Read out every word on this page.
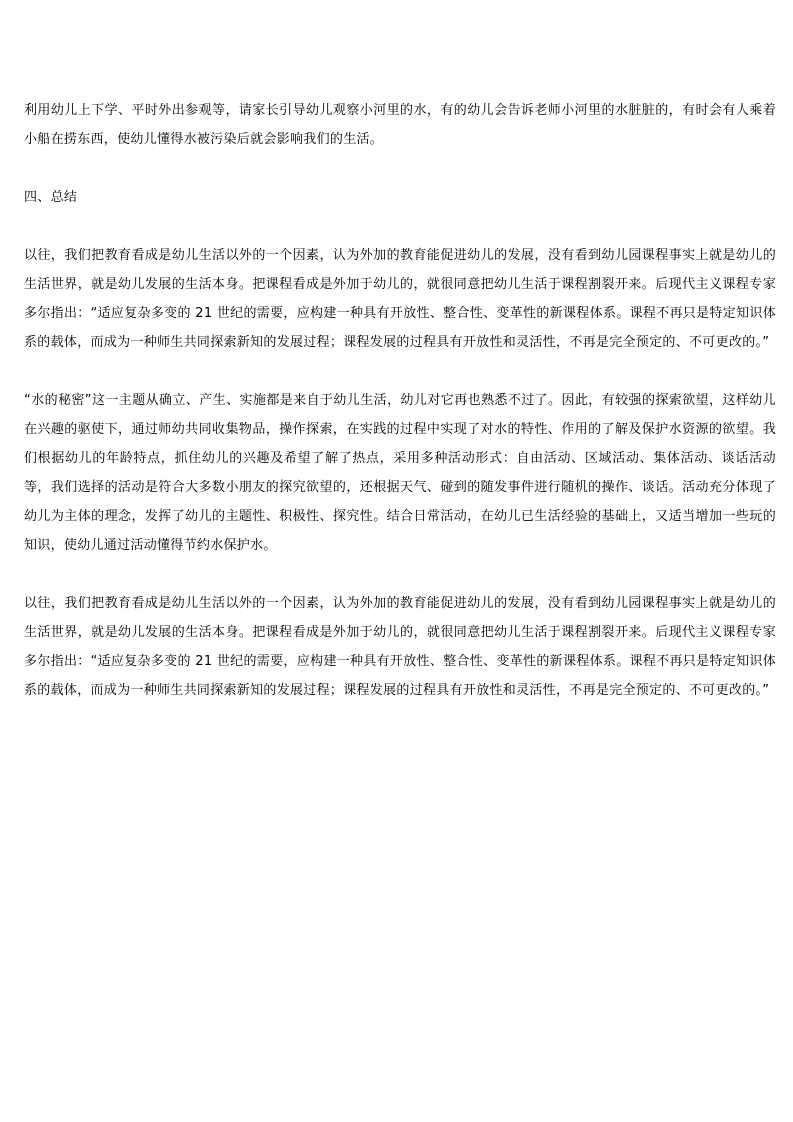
利用幼儿上下学、平时外出参观等，请家长引导幼儿观察小河里的水，有的幼儿会告诉老师小河里的水脏脏的，有时会有人乘着小船在捞东西，使幼儿懂得水被污染后就会影响我们的生活。

四、总结

以往，我们把教育看成是幼儿生活以外的一个因素，认为外加的教育能促进幼儿的发展，没有看到幼儿园课程事实上就是幼儿的生活世界，就是幼儿发展的生活本身。把课程看成是外加于幼儿的，就很同意把幼儿生活于课程割裂开来。后现代主义课程专家多尔指出：“适应复杂多变的 21 世纪的需要，应构建一种具有开放性、整合性、变革性的新课程体系。课程不再只是特定知识体系的载体，而成为一种师生共同探索新知的发展过程；课程发展的过程具有开放性和灵活性，不再是完全预定的、不可更改的。”

“水的秘密”这一主题从确立、产生、实施都是来自于幼儿生活，幼儿对它再也熟悉不过了。因此，有较强的探索欲望，这样幼儿在兴趣的驱使下，通过师幼共同收集物品，操作探索，在实践的过程中实现了对水的特性、作用的了解及保护水资源的欲望。我们根据幼儿的年龄特点，抓住幼儿的兴趣及希望了解了热点，采用多种活动形式：自由活动、区域活动、集体活动、谈话活动等，我们选择的活动是符合大多数小朋友的探究欲望的，还根据天气、碰到的随发事件进行随机的操作、谈话。活动充分体现了幼儿为主体的理念，发挥了幼儿的主题性、积极性、探究性。结合日常活动，在幼儿已生活经验的基础上，又适当增加一些玩的知识，使幼儿通过活动懂得节约水保护水。

以往，我们把教育看成是幼儿生活以外的一个因素，认为外加的教育能促进幼儿的发展，没有看到幼儿园课程事实上就是幼儿的生活世界，就是幼儿发展的生活本身。把课程看成是外加于幼儿的，就很同意把幼儿生活于课程割裂开来。后现代主义课程专家多尔指出：“适应复杂多变的 21 世纪的需要，应构建一种具有开放性、整合性、变革性的新课程体系。课程不再只是特定知识体系的载体，而成为一种师生共同探索新知的发展过程；课程发展的过程具有开放性和灵活性，不再是完全预定的、不可更改的。”
